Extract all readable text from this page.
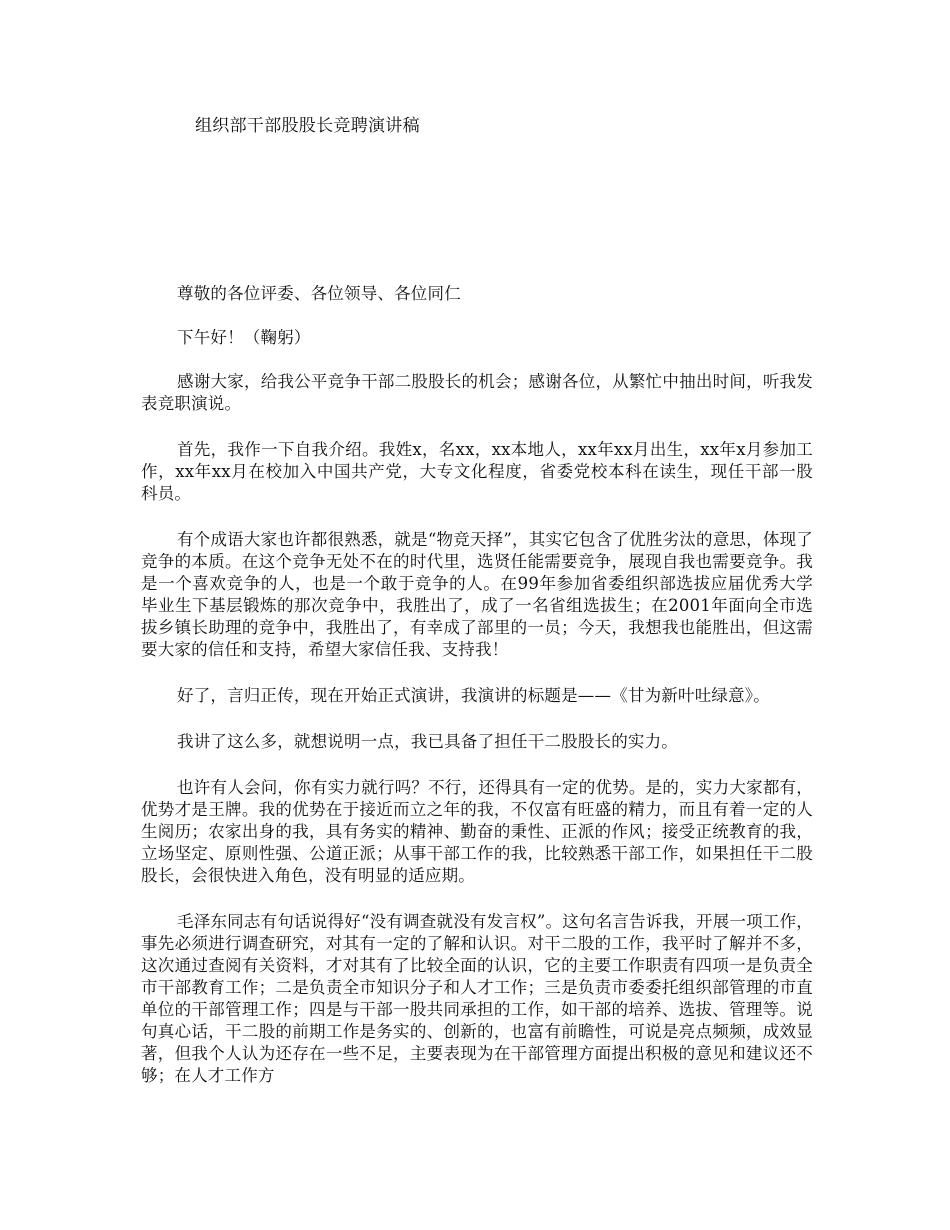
组织部干部股股长竞聘演讲稿

尊敬的各位评委、各位领导、各位同仁

下午好！（鞠躬）

感谢大家，给我公平竞争干部二股股长的机会；感谢各位，从繁忙中抽出时间，听我发表竞职演说。

首先，我作一下自我介绍。我姓x，名xx，xx本地人，xx年xx月出生，xx年x月参加工作，xx年xx月在校加入中国共产党，大专文化程度，省委党校本科在读生，现任干部一股科员。

有个成语大家也许都很熟悉，就是“物竞天择”，其实它包含了优胜劣汰的意思，体现了竞争的本质。在这个竞争无处不在的时代里，选贤任能需要竞争，展现自我也需要竞争。我是一个喜欢竞争的人，也是一个敢于竞争的人。在99年参加省委组织部选拔应届优秀大学毕业生下基层锻炼的那次竞争中，我胜出了，成了一名省组选拔生；在2001年面向全市选拔乡镇长助理的竞争中，我胜出了，有幸成了部里的一员；今天，我想我也能胜出，但这需要大家的信任和支持，希望大家信任我、支持我！

好了，言归正传，现在开始正式演讲，我演讲的标题是——《甘为新叶吐绿意》。

我讲了这么多，就想说明一点，我已具备了担任干二股股长的实力。

也许有人会问，你有实力就行吗？不行，还得具有一定的优势。是的，实力大家都有，优势才是王牌。我的优势在于接近而立之年的我，不仅富有旺盛的精力，而且有着一定的人生阅历；农家出身的我，具有务实的精神、勤奋的秉性、正派的作风；接受正统教育的我，立场坚定、原则性强、公道正派；从事干部工作的我，比较熟悉干部工作，如果担任干二股股长，会很快进入角色，没有明显的适应期。

毛泽东同志有句话说得好“没有调查就没有发言权”。这句名言告诉我，开展一项工作，事先必须进行调查研究，对其有一定的了解和认识。对干二股的工作，我平时了解并不多，这次通过查阅有关资料，才对其有了比较全面的认识，它的主要工作职责有四项一是负责全市干部教育工作；二是负责全市知识分子和人才工作；三是负责市委委托组织部管理的市直单位的干部管理工作；四是与干部一股共同承担的工作，如干部的培养、选拔、管理等。说句真心话，干二股的前期工作是务实的、创新的，也富有前瞻性，可说是亮点频频，成效显著，但我个人认为还存在一些不足，主要表现为在干部管理方面提出积极的意见和建议还不够；在人才工作方
